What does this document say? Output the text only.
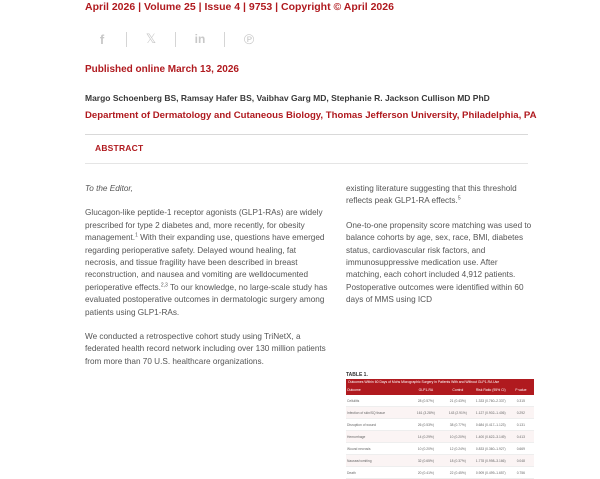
April 2026 | Volume 25 | Issue 4 | 9753 | Copyright © April 2026
f	𝕏	in	℗
Published online March 13, 2026
Margo Schoenberg BS, Ramsay Hafer BS, Vaibhav Garg MD, Stephanie R. Jackson Cullison MD PhD
Department of Dermatology and Cutaneous Biology, Thomas Jefferson University, Philadelphia, PA
ABSTRACT

To the Editor,

Glucagon-like peptide-1 receptor agonists (GLP1-RAs) are widely prescribed for type 2 diabetes and, more recently, for obesity management.$^1$ With their expanding use, questions have emerged regarding perioperative safety. Delayed wound healing, fat necrosis, and tissue fragility have been described in breast reconstruction, and nausea and vomiting are welldocumented perioperative effects.$^{2,3}$ To our knowledge, no large-scale study has evaluated postoperative outcomes in dermatologic surgery among patients using GLP1-RAs.

We conducted a retrospective cohort study using TriNetX, a federated health record network including over 130 million patients from more than 70 U.S. healthcare organizations.

existing literature suggesting that this threshold reflects peak GLP1-RA effects.$^5$

One-to-one propensity score matching was used to balance cohorts by age, sex, race, BMI, diabetes status, cardiovascular risk factors, and immunosuppressive medication use. After matching, each cohort included 4,912 patients. Postoperative outcomes were identified within 60 days of MMS using ICD

TABLE 1.
Outcomes Within 60 Days of Mohs Micrographic Surgery in Patients With and Without GLP1-RA Use
Outcome	GLP1-RA	Control	Risk Ratio (95% CI)	P value
Cellulitis	28 (0.57%)	21 (0.43%)	1.333 (0.760–2.337)	0.315
Infection of skin/SQ tissue	161 (3.28%)	143 (2.91%)	1.127 (0.902–1.406)	0.292
Disruption of wound	26 (0.53%)	38 (0.77%)	0.684 (0.417–1.123)	0.131
Hemorrhage	14 (0.29%)	10 (0.20%)	1.400 (0.622–3.149)	0.413
Wound necrosis	10 (0.20%)	12 (0.24%)	0.833 (0.360–1.927)	0.669
Nausea/vomiting	32 (0.65%)	18 (0.37%)	1.778 (0.998–3.166)	0.048
Death	20 (0.41%)	22 (0.45%)	0.909 (0.499–1.657)	0.756
